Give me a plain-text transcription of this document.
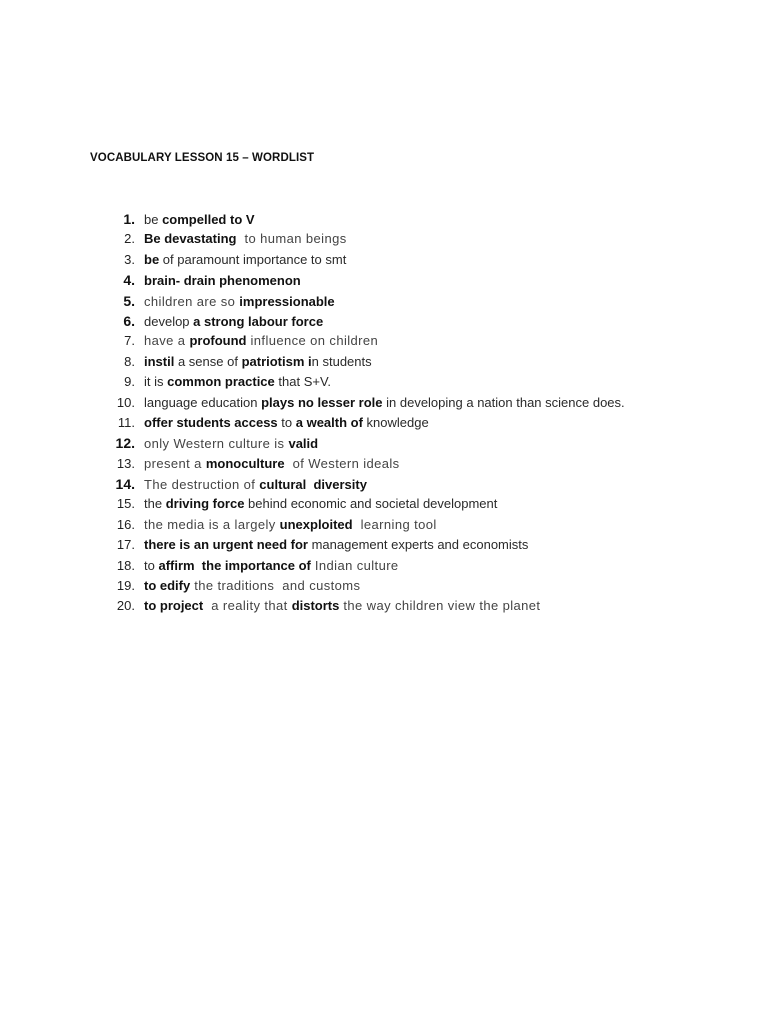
VOCABULARY LESSON 15 – WORDLIST
1. be compelled to V
2. Be devastating  to human beings
3. be of paramount importance to smt
4. brain- drain phenomenon
5. children are so impressionable
6. develop a strong labour force
7. have a profound influence on children
8. instil a sense of patriotism in students
9. it is common practice that S+V.
10. language education plays no lesser role in developing a nation than science does.
11. offer students access to a wealth of knowledge
12. only Western culture is valid
13. present a monoculture  of Western ideals
14. The destruction of cultural  diversity
15. the driving force behind economic and societal development
16. the media is a largely unexploited  learning tool
17. there is an urgent need for management experts and economists
18. to affirm  the importance of Indian culture
19. to edify the traditions  and customs
20. to project  a reality that distorts the way children view the planet
